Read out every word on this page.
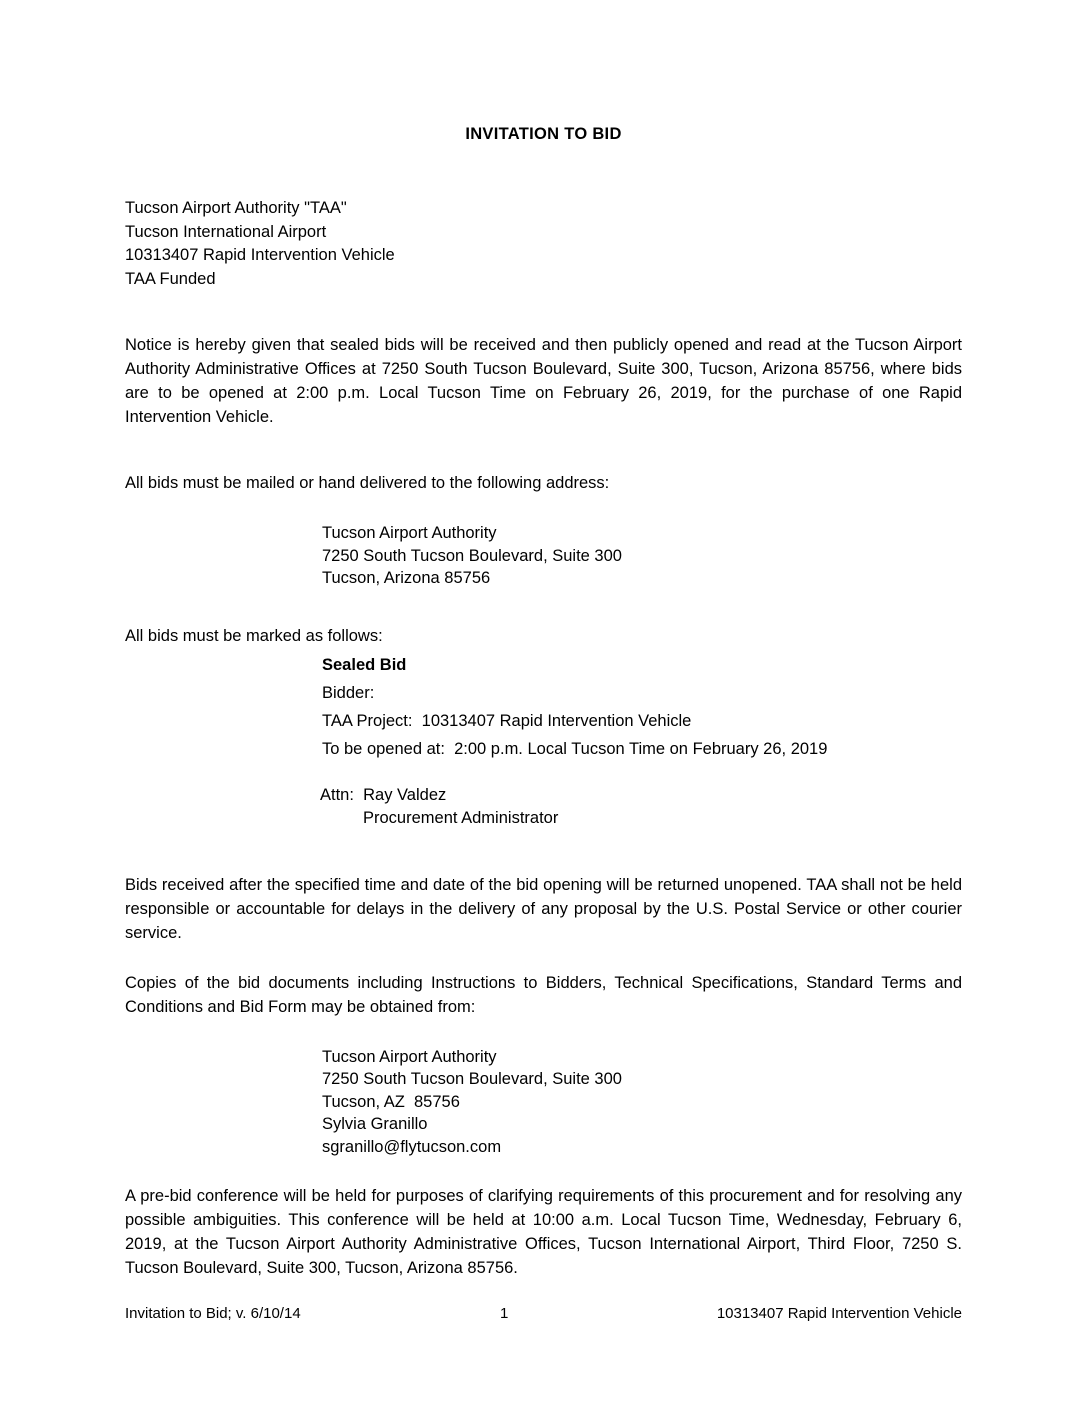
INVITATION TO BID
Tucson Airport Authority "TAA"
Tucson International Airport
10313407 Rapid Intervention Vehicle
TAA Funded

Notice is hereby given that sealed bids will be received and then publicly opened and read at the Tucson Airport Authority Administrative Offices at 7250 South Tucson Boulevard, Suite 300, Tucson, Arizona 85756, where bids are to be opened at 2:00 p.m. Local Tucson Time on February 26, 2019, for the purchase of one Rapid Intervention Vehicle.

All bids must be mailed or hand delivered to the following address:

Tucson Airport Authority
7250 South Tucson Boulevard, Suite 300
Tucson, Arizona 85756

All bids must be marked as follows:

Sealed Bid
Bidder:
TAA Project:  10313407 Rapid Intervention Vehicle
To be opened at:  2:00 p.m. Local Tucson Time on February 26, 2019
Attn:  Ray Valdez
Procurement Administrator

Bids received after the specified time and date of the bid opening will be returned unopened. TAA shall not be held responsible or accountable for delays in the delivery of any proposal by the U.S. Postal Service or other courier service.

Copies of the bid documents including Instructions to Bidders, Technical Specifications, Standard Terms and Conditions and Bid Form may be obtained from:

Tucson Airport Authority
7250 South Tucson Boulevard, Suite 300
Tucson, AZ  85756
Sylvia Granillo
sgranillo@flytucson.com

A pre-bid conference will be held for purposes of clarifying requirements of this procurement and for resolving any possible ambiguities. This conference will be held at 10:00 a.m. Local Tucson Time, Wednesday, February 6, 2019, at the Tucson Airport Authority Administrative Offices, Tucson International Airport, Third Floor, 7250 S. Tucson Boulevard, Suite 300, Tucson, Arizona 85756.

Invitation to Bid; v. 6/10/14	1	10313407 Rapid Intervention Vehicle
